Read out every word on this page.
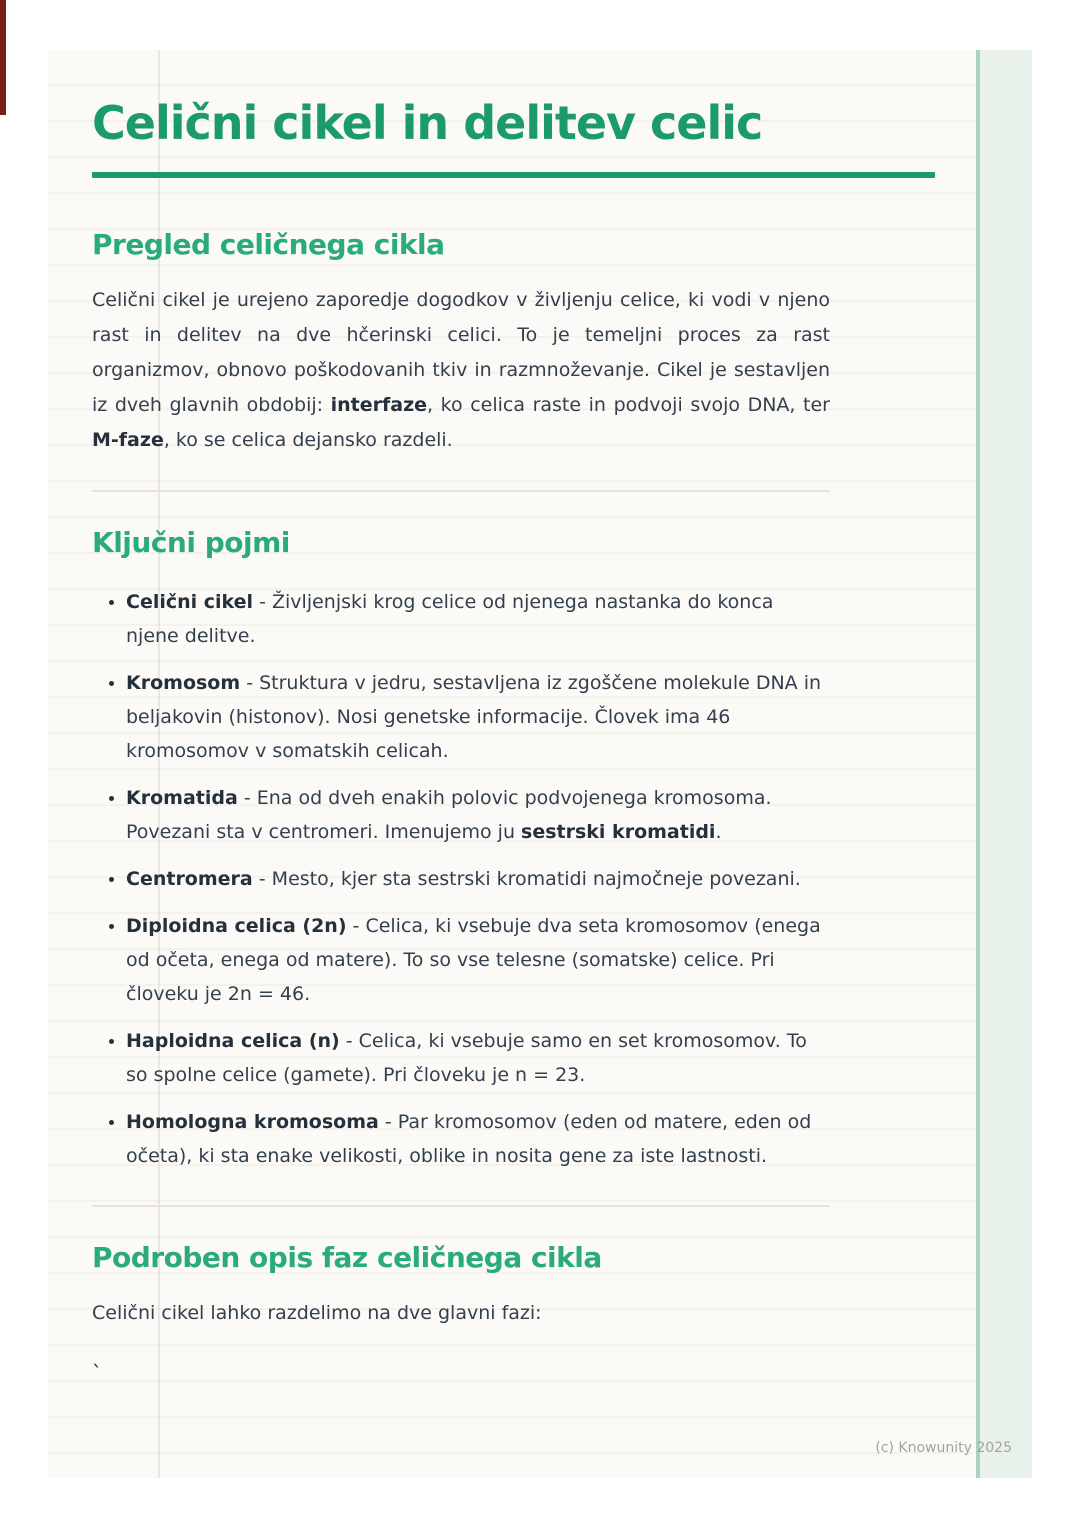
Celični cikel in delitev celic
Pregled celičnega cikla

Celični cikel je urejeno zaporedje dogodkov v življenju celice, ki vodi v njeno rast in delitev na dve hčerinski celici. To je temeljni proces za rast organizmov, obnovo poškodovanih tkiv in razmnoževanje. Cikel je sestavljen iz dveh glavnih obdobij: interfaze, ko celica raste in podvoji svojo DNA, ter M-faze, ko se celica dejansko razdeli.

Ključni pojmi
• Celični cikel - Življenjski krog celice od njenega nastanka do konca njene delitve.
• Kromosom - Struktura v jedru, sestavljena iz zgoščene molekule DNA in beljakovin (histonov). Nosi genetske informacije. Človek ima 46 kromosomov v somatskih celicah.
• Kromatida - Ena od dveh enakih polovic podvojenega kromosoma. Povezani sta v centromeri. Imenujemo ju sestrski kromatidi.
• Centromera - Mesto, kjer sta sestrski kromatidi najmočneje povezani.
• Diploidna celica (2n) - Celica, ki vsebuje dva seta kromosomov (enega od očeta, enega od matere). To so vse telesne (somatske) celice. Pri človeku je 2n = 46.
• Haploidna celica (n) - Celica, ki vsebuje samo en set kromosomov. To so spolne celice (gamete). Pri človeku je n = 23.
• Homologna kromosoma - Par kromosomov (eden od matere, eden od očeta), ki sta enake velikosti, oblike in nosita gene za iste lastnosti.
Podroben opis faz celičnega cikla

Celični cikel lahko razdelimo na dve glavni fazi:

`

(c) Knowunity 2025
